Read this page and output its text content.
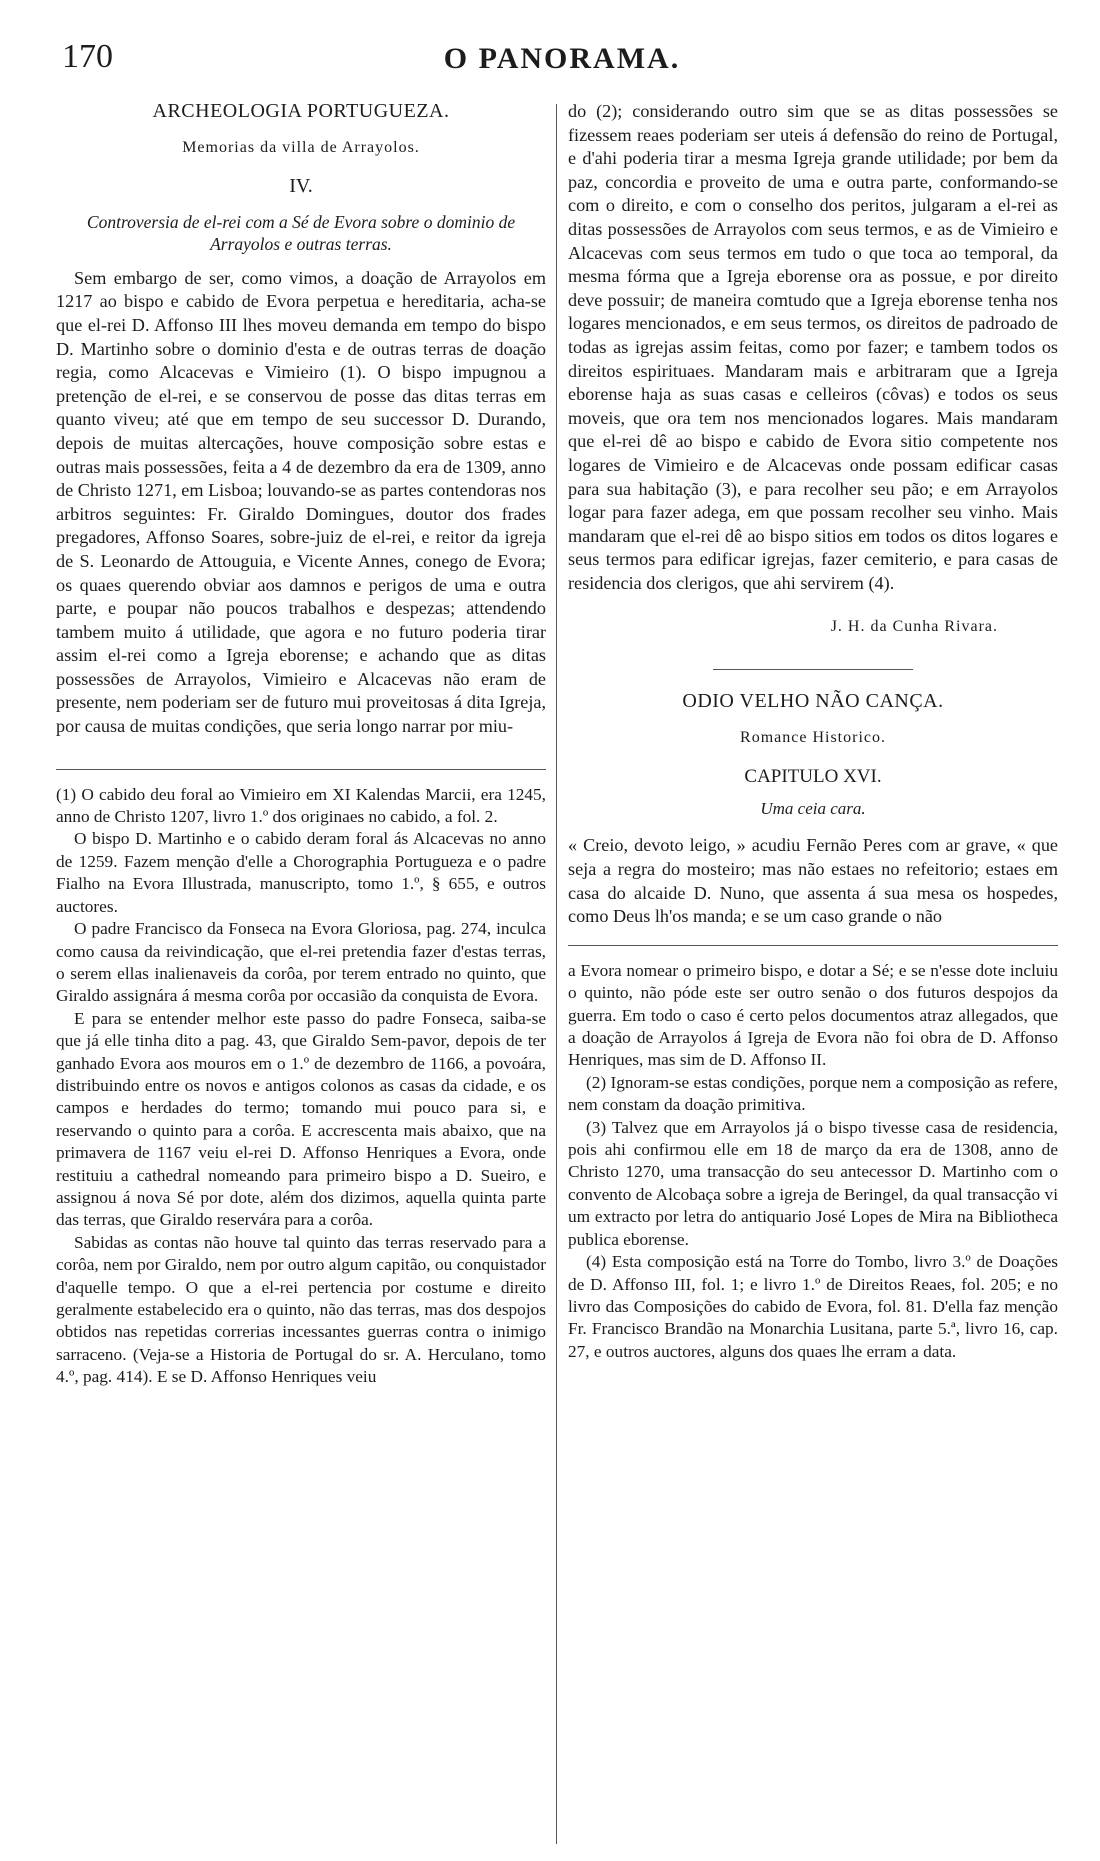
170	O PANORAMA.
ARCHEOLOGIA PORTUGUEZA.
Memorias da villa de Arrayolos.
IV.
Controversia de el-rei com a Sé de Evora sobre o dominio de Arrayolos e outras terras.

Sem embargo de ser, como vimos, a doação de Arrayolos em 1217 ao bispo e cabido de Evora perpetua e hereditaria, acha-se que el-rei D. Affonso III lhes moveu demanda em tempo do bispo D. Martinho sobre o dominio d'esta e de outras terras de doação regia, como Alcacevas e Vimieiro (1). O bispo impugnou a pretenção de el-rei, e se conservou de posse das ditas terras em quanto viveu; até que em tempo de seu successor D. Durando, depois de muitas altercações, houve composição sobre estas e outras mais possessões, feita a 4 de dezembro da era de 1309, anno de Christo 1271, em Lisboa; louvando-se as partes contendoras nos arbitros seguintes: Fr. Giraldo Domingues, doutor dos frades pregadores, Affonso Soares, sobre-juiz de el-rei, e reitor da igreja de S. Leonardo de Attouguia, e Vicente Annes, conego de Evora; os quaes querendo obviar aos damnos e perigos de uma e outra parte, e poupar não poucos trabalhos e despezas; attendendo tambem muito á utilidade, que agora e no futuro poderia tirar assim el-rei como a Igreja eborense; e achando que as ditas possessões de Arrayolos, Vimieiro e Alcacevas não eram de presente, nem poderiam ser de futuro mui proveitosas á dita Igreja, por causa de muitas condições, que seria longo narrar por miu-

(1) O cabido deu foral ao Vimieiro em XI Kalendas Marcii, era 1245, anno de Christo 1207, livro 1.º dos originaes no cabido, a fol. 2.

O bispo D. Martinho e o cabido deram foral ás Alcacevas no anno de 1259. Fazem menção d'elle a Chorographia Portugueza e o padre Fialho na Evora Illustrada, manuscripto, tomo 1.º, § 655, e outros auctores.

O padre Francisco da Fonseca na Evora Gloriosa, pag. 274, inculca como causa da reivindicação, que el-rei pretendia fazer d'estas terras, o serem ellas inalienaveis da corôa, por terem entrado no quinto, que Giraldo assignára á mesma corôa por occasião da conquista de Evora.

E para se entender melhor este passo do padre Fonseca, saiba-se que já elle tinha dito a pag. 43, que Giraldo Sem-pavor, depois de ter ganhado Evora aos mouros em o 1.º de dezembro de 1166, a povoára, distribuindo entre os novos e antigos colonos as casas da cidade, e os campos e herdades do termo; tomando mui pouco para si, e reservando o quinto para a corôa. E accrescenta mais abaixo, que na primavera de 1167 veiu el-rei D. Affonso Henriques a Evora, onde restituiu a cathedral nomeando para primeiro bispo a D. Sueiro, e assignou á nova Sé por dote, além dos dizimos, aquella quinta parte das terras, que Giraldo reservára para a corôa.

Sabidas as contas não houve tal quinto das terras reservado para a corôa, nem por Giraldo, nem por outro algum capitão, ou conquistador d'aquelle tempo. O que a el-rei pertencia por costume e direito geralmente estabelecido era o quinto, não das terras, mas dos despojos obtidos nas repetidas correrias incessantes guerras contra o inimigo sarraceno. (Veja-se a Historia de Portugal do sr. A. Herculano, tomo 4.º, pag. 414). E se D. Affonso Henriques veiu

do (2); considerando outro sim que se as ditas possessões se fizessem reaes poderiam ser uteis á defensão do reino de Portugal, e d'ahi poderia tirar a mesma Igreja grande utilidade; por bem da paz, concordia e proveito de uma e outra parte, conformando-se com o direito, e com o conselho dos peritos, julgaram a el-rei as ditas possessões de Arrayolos com seus termos, e as de Vimieiro e Alcacevas com seus termos em tudo o que toca ao temporal, da mesma fórma que a Igreja eborense ora as possue, e por direito deve possuir; de maneira comtudo que a Igreja eborense tenha nos logares mencionados, e em seus termos, os direitos de padroado de todas as igrejas assim feitas, como por fazer; e tambem todos os direitos espirituaes. Mandaram mais e arbitraram que a Igreja eborense haja as suas casas e celleiros (côvas) e todos os seus moveis, que ora tem nos mencionados logares. Mais mandaram que el-rei dê ao bispo e cabido de Evora sitio competente nos logares de Vimieiro e de Alcacevas onde possam edificar casas para sua habitação (3), e para recolher seu pão; e em Arrayolos logar para fazer adega, em que possam recolher seu vinho. Mais mandaram que el-rei dê ao bispo sitios em todos os ditos logares e seus termos para edificar igrejas, fazer cemiterio, e para casas de residencia dos clerigos, que ahi servirem (4).

J. H. da Cunha Rivara.
ODIO VELHO NÃO CANÇA.
Romance Historico.
CAPITULO XVI.
Uma ceia cara.

« Creio, devoto leigo, » acudiu Fernão Peres com ar grave, « que seja a regra do mosteiro; mas não estaes no refeitorio; estaes em casa do alcaide D. Nuno, que assenta á sua mesa os hospedes, como Deus lh'os manda; e se um caso grande o não

a Evora nomear o primeiro bispo, e dotar a Sé; e se n'esse dote incluiu o quinto, não póde este ser outro senão o dos futuros despojos da guerra. Em todo o caso é certo pelos documentos atraz allegados, que a doação de Arrayolos á Igreja de Evora não foi obra de D. Affonso Henriques, mas sim de D. Affonso II.

(2) Ignoram-se estas condições, porque nem a composição as refere, nem constam da doação primitiva.

(3) Talvez que em Arrayolos já o bispo tivesse casa de residencia, pois ahi confirmou elle em 18 de março da era de 1308, anno de Christo 1270, uma transacção do seu antecessor D. Martinho com o convento de Alcobaça sobre a igreja de Beringel, da qual transacção vi um extracto por letra do antiquario José Lopes de Mira na Bibliotheca publica eborense.

(4) Esta composição está na Torre do Tombo, livro 3.º de Doações de D. Affonso III, fol. 1; e livro 1.º de Direitos Reaes, fol. 205; e no livro das Composições do cabido de Evora, fol. 81. D'ella faz menção Fr. Francisco Brandão na Monarchia Lusitana, parte 5.ª, livro 16, cap. 27, e outros auctores, alguns dos quaes lhe erram a data.
